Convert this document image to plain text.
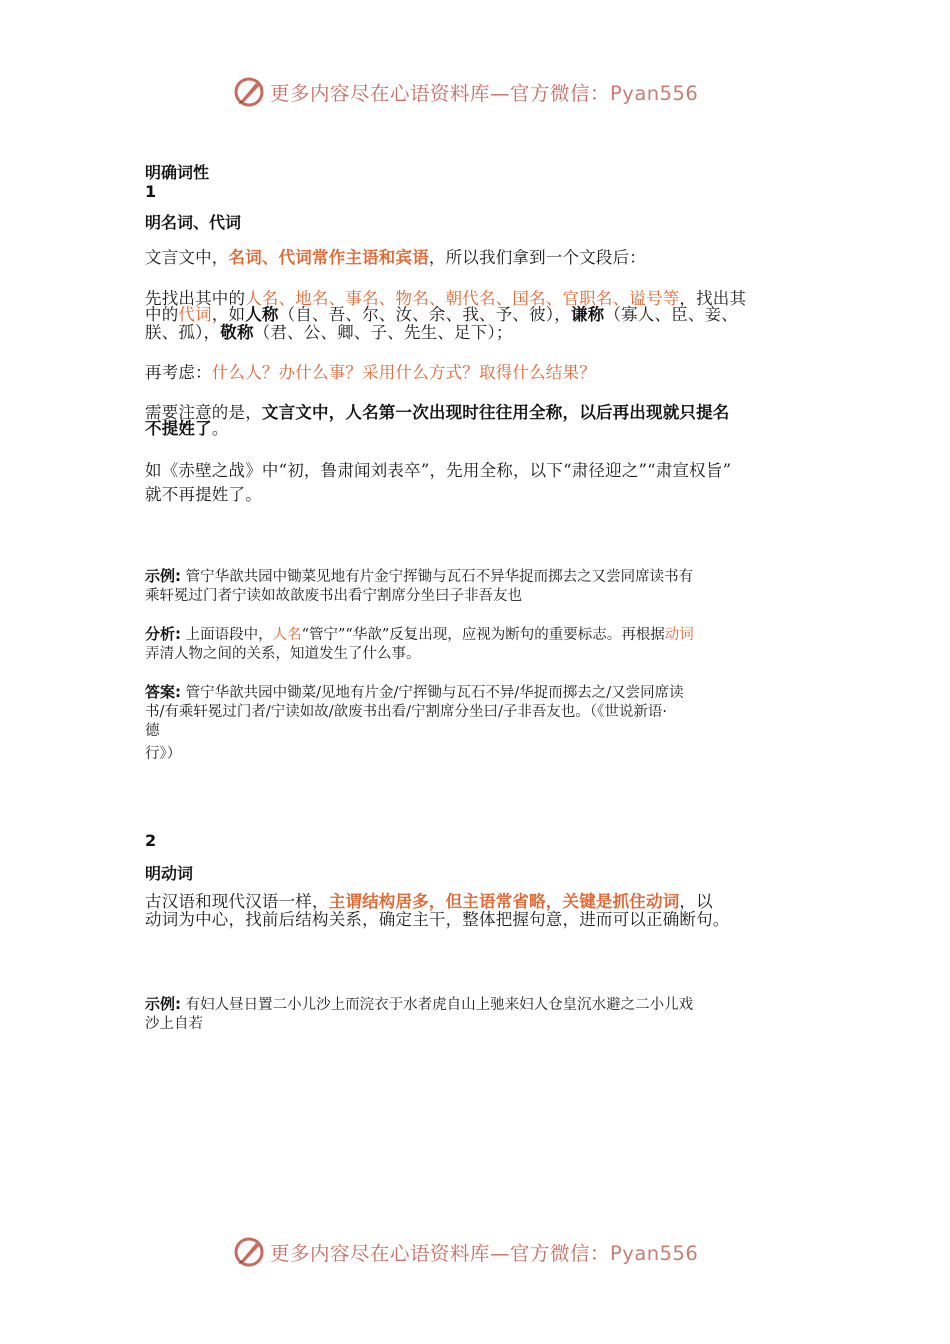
更多内容尽在心语资料库—官方微信：Pyan556
明确词性
1
明名词、代词
文言文中，名词、代词常作主语和宾语，所以我们拿到一个文段后：
先找出其中的人名、地名、事名、物名、朝代名、国名、官职名、谥号等，找出其
中的代词，如人称（自、吾、尔、汝、余、我、予、彼），谦称（寡人、臣、妾、
朕、孤），敬称（君、公、卿、子、先生、足下）；
再考虑：什么人？办什么事？采用什么方式？取得什么结果？
需要注意的是，文言文中，人名第一次出现时往往用全称，以后再出现就只提名
不提姓了。
如《赤壁之战》中“初，鲁肃闻刘表卒”，先用全称，以下“肃径迎之”“肃宣权旨”
就不再提姓了。
示例: 管宁华歆共园中锄菜见地有片金宁挥锄与瓦石不异华捉而掷去之又尝同席读书有
乘轩冕过门者宁读如故歆废书出看宁割席分坐曰子非吾友也
分析: 上面语段中，人名“管宁”“华歆”反复出现，应视为断句的重要标志。再根据动词
弄清人物之间的关系，知道发生了什么事。
答案: 管宁华歆共园中锄菜/见地有片金/宁挥锄与瓦石不异/华捉而掷去之/又尝同席读
书/有乘轩冕过门者/宁读如故/歆废书出看/宁割席分坐曰/子非吾友也。（《世说新语·
德
行》）
2
明动词
古汉语和现代汉语一样，主谓结构居多，但主语常省略，关键是抓住动词，以
动词为中心，找前后结构关系，确定主干，整体把握句意，进而可以正确断句。
示例: 有妇人昼日置二小儿沙上而浣衣于水者虎自山上驰来妇人仓皇沉水避之二小儿戏
沙上自若
更多内容尽在心语资料库—官方微信：Pyan556
